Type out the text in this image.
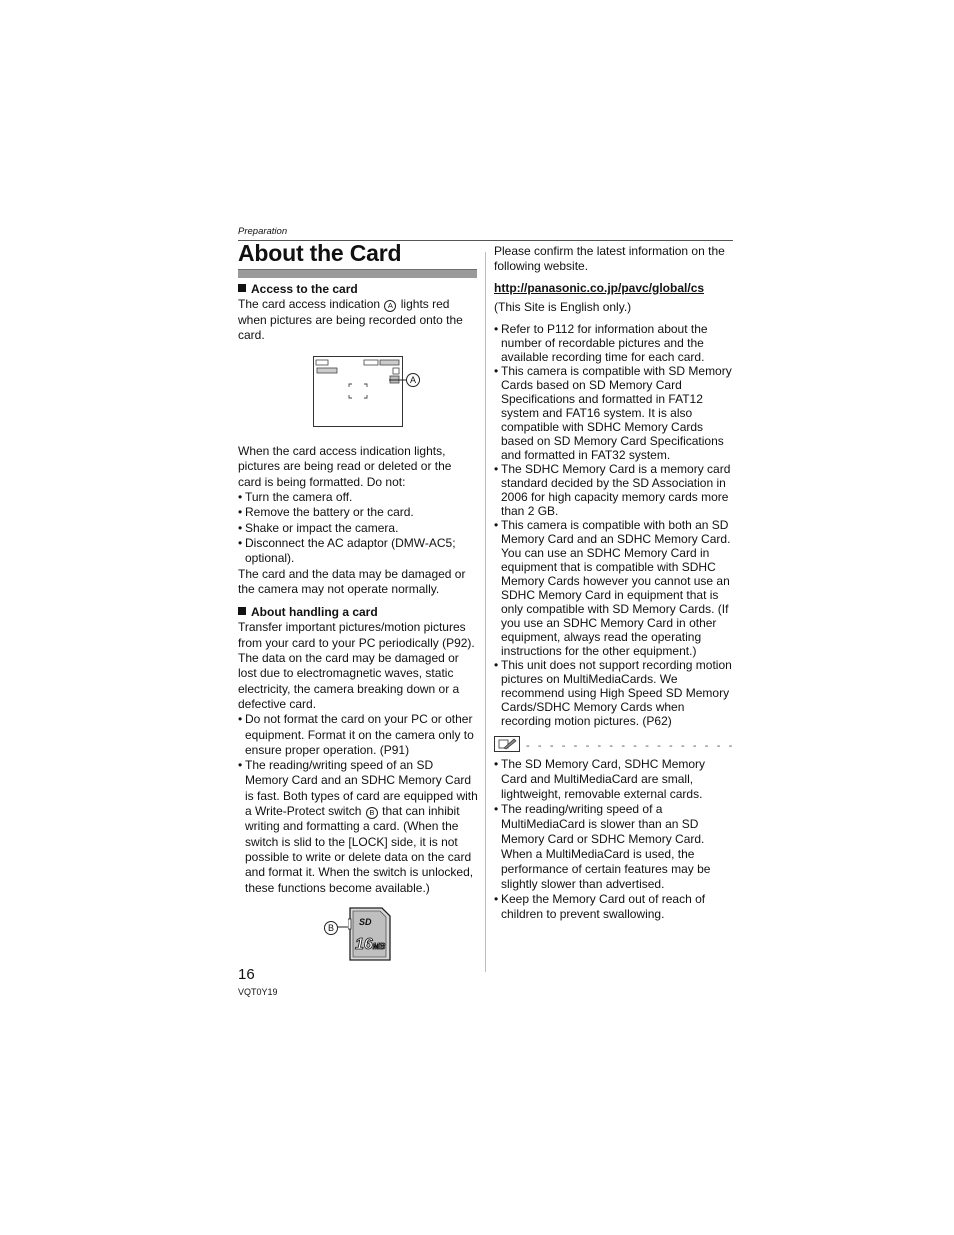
Preparation
About the Card

Access to the card

The card access indication A lights red when pictures are being recorded onto the card.

When the card access indication lights, pictures are being read or deleted or the card is being formatted. Do not:

• Turn the camera off.
• Remove the battery or the card.
• Shake or impact the camera.
• Disconnect the AC adaptor (DMW-AC5; optional).

The card and the data may be damaged or the camera may not operate normally.

About handling a card

Transfer important pictures/motion pictures from your card to your PC periodically (P92). The data on the card may be damaged or lost due to electromagnetic waves, static electricity, the camera breaking down or a defective card.

• Do not format the card on your PC or other equipment. Format it on the camera only to ensure proper operation. (P91)
• The reading/writing speed of an SD Memory Card and an SDHC Memory Card is fast. Both types of card are equipped with a Write-Protect switch B that can inhibit writing and formatting a card. (When the switch is slid to the [LOCK] side, it is not possible to write or delete data on the card and format it. When the switch is unlocked, these functions become available.)
A
B
SD
16MB

Please confirm the latest information on the following website.

http://panasonic.co.jp/pavc/global/cs

(This Site is English only.)

• Refer to P112 for information about the number of recordable pictures and the available recording time for each card.
• This camera is compatible with SD Memory Cards based on SD Memory Card Specifications and formatted in FAT12 system and FAT16 system. It is also compatible with SDHC Memory Cards based on SD Memory Card Specifications and formatted in FAT32 system.
• The SDHC Memory Card is a memory card standard decided by the SD Association in 2006 for high capacity memory cards more than 2 GB.
• This camera is compatible with both an SD Memory Card and an SDHC Memory Card. You can use an SDHC Memory Card in equipment that is compatible with SDHC Memory Cards however you cannot use an SDHC Memory Card in equipment that is only compatible with SD Memory Cards. (If you use an SDHC Memory Card in other equipment, always read the operating instructions for the other equipment.)
• This unit does not support recording motion pictures on MultiMediaCards. We recommend using High Speed SD Memory Cards/SDHC Memory Cards when recording motion pictures. (P62)
- - - - - - - - - - - - - - - - - -
• The SD Memory Card, SDHC Memory Card and MultiMediaCard are small, lightweight, removable external cards.
• The reading/writing speed of a MultiMediaCard is slower than an SD Memory Card or SDHC Memory Card. When a MultiMediaCard is used, the performance of certain features may be slightly slower than advertised.
• Keep the Memory Card out of reach of children to prevent swallowing.
16
VQT0Y19
